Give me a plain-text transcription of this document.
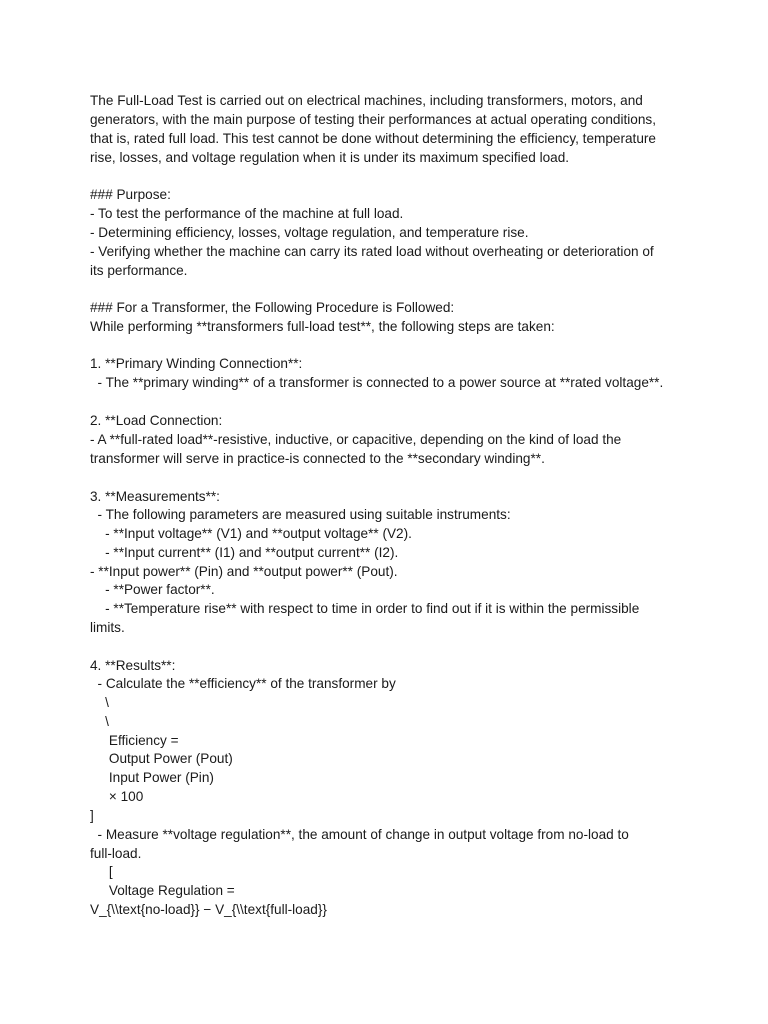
The Full-Load Test is carried out on electrical machines, including transformers, motors, and
generators, with the main purpose of testing their performances at actual operating conditions,
that is, rated full load. This test cannot be done without determining the efficiency, temperature
rise, losses, and voltage regulation when it is under its maximum specified load.
### Purpose:
- To test the performance of the machine at full load.
- Determining efficiency, losses, voltage regulation, and temperature rise.
- Verifying whether the machine can carry its rated load without overheating or deterioration of
its performance.
### For a Transformer, the Following Procedure is Followed:
While performing **transformers full-load test**, the following steps are taken:
1. **Primary Winding Connection**:
- The **primary winding** of a transformer is connected to a power source at **rated voltage**.
2. **Load Connection:
- A **full-rated load**-resistive, inductive, or capacitive, depending on the kind of load the
transformer will serve in practice-is connected to the **secondary winding**.
3. **Measurements**:
- The following parameters are measured using suitable instruments:
- **Input voltage** (V1) and **output voltage** (V2).
- **Input current** (I1) and **output current** (I2).
- **Input power** (Pin) and **output power** (Pout).
- **Power factor**.
- **Temperature rise** with respect to time in order to find out if it is within the permissible
limits.
4. **Results**:
- Calculate the **efficiency** of the transformer by
\
\
Efficiency =
Output Power (Pout)
Input Power (Pin)
× 100
]
- Measure **voltage regulation**, the amount of change in output voltage from no-load to
full-load.
[
Voltage Regulation =
V_{\\text{no-load}} − V_{\\text{full-load}}
